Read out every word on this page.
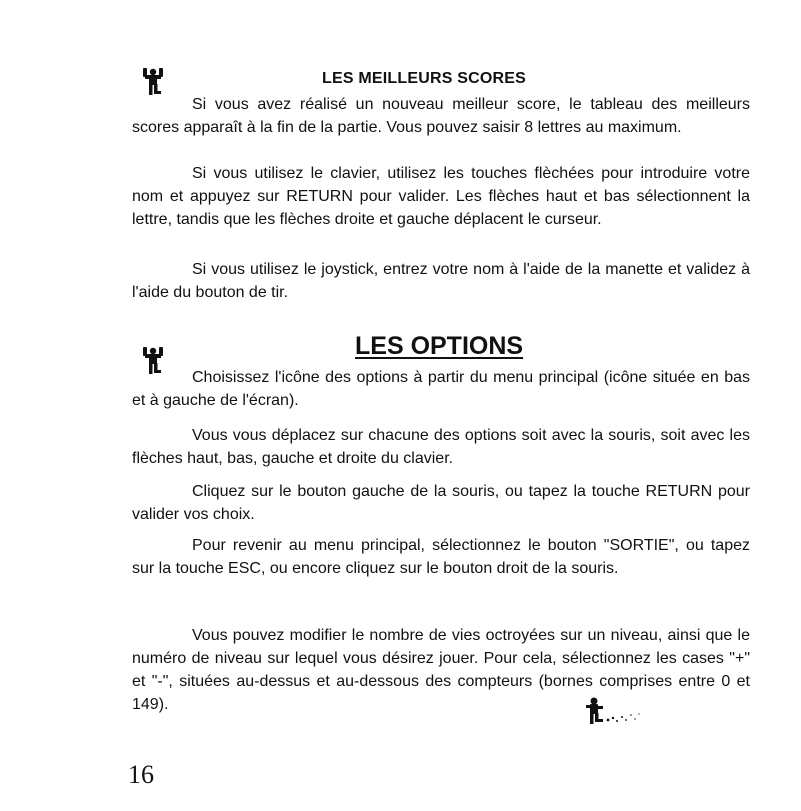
LES MEILLEURS SCORES

Si vous avez réalisé un nouveau meilleur score, le tableau des meilleurs scores apparaît à la fin de la partie. Vous pouvez saisir 8 lettres au maximum.

Si vous utilisez le clavier, utilisez les touches flèchées pour introduire votre nom et appuyez sur RETURN pour valider. Les flèches haut et bas sélectionnent la lettre, tandis que les flèches droite et gauche déplacent le curseur.

Si vous utilisez le joystick, entrez votre nom à l'aide de la manette et validez à l'aide du bouton de tir.

LES OPTIONS

Choisissez l'icône des options à partir du menu principal (icône située en bas et à gauche de l'écran).

Vous vous déplacez sur chacune des options soit avec la souris, soit avec les flèches haut, bas, gauche et droite du clavier.

Cliquez sur le bouton gauche de la souris, ou tapez la touche RETURN pour valider vos choix.

Pour revenir au menu principal, sélectionnez le bouton "SORTIE", ou tapez sur la touche ESC, ou encore cliquez sur le bouton droit de la souris.

Vous pouvez modifier le nombre de vies octroyées sur un niveau, ainsi que le numéro de niveau sur lequel vous désirez jouer. Pour cela, sélectionnez les cases "+" et "-", situées au-dessus et au-dessous des compteurs (bornes comprises entre 0 et 149).

16
